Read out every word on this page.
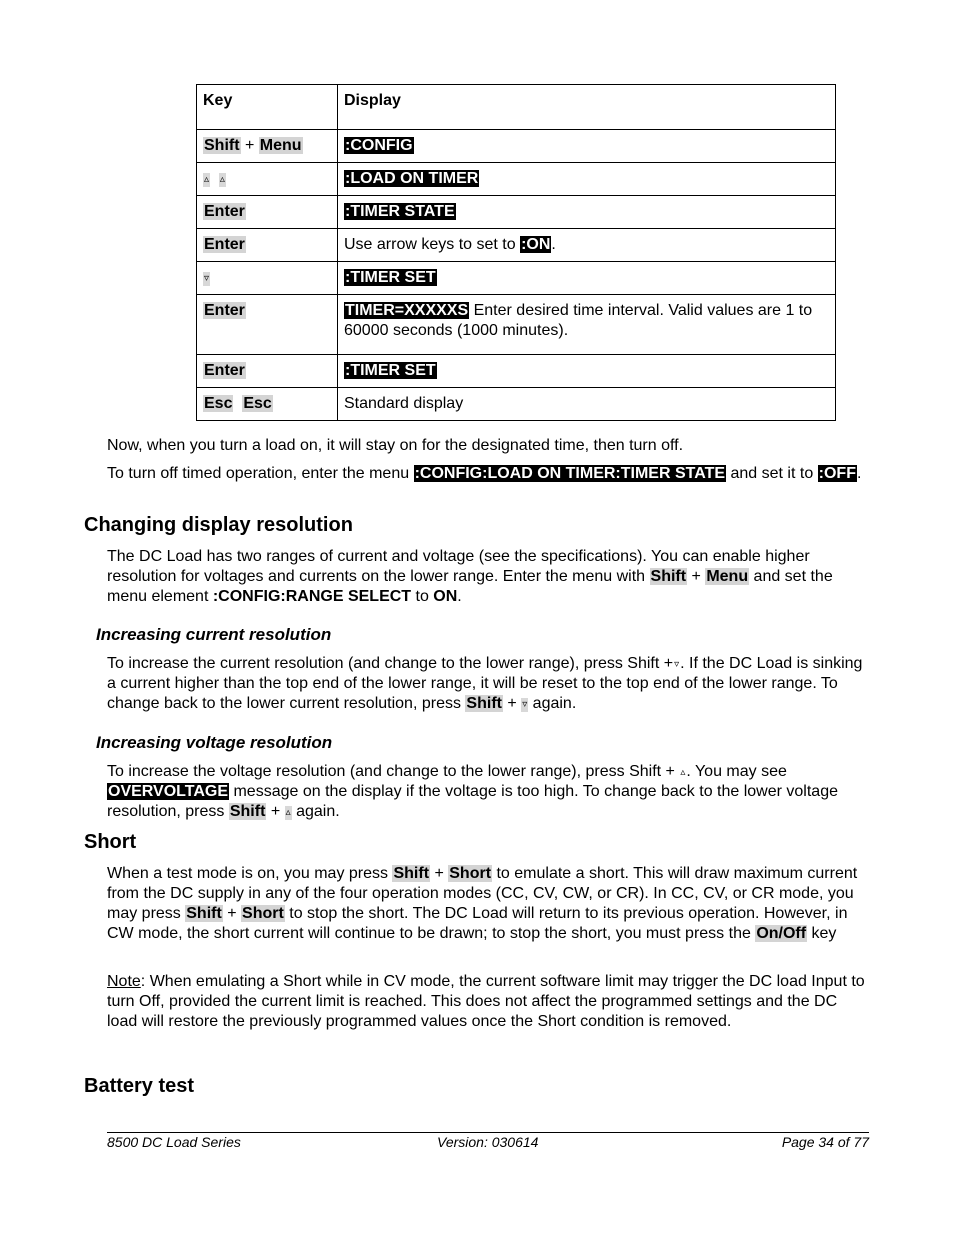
Key	Display
Shift + Menu	:CONFIG
▵ ▵	:LOAD ON TIMER
Enter	:TIMER STATE
Enter	Use arrow keys to set to :ON.
▿	:TIMER SET
Enter	TIMER=XXXXXS Enter desired time interval. Valid values are 1 to 60000 seconds (1000 minutes).
Enter	:TIMER SET
Esc Esc	Standard display

Now, when you turn a load on, it will stay on for the designated time, then turn off.

To turn off timed operation, enter the menu :CONFIG:LOAD ON TIMER:TIMER STATE and set it to :OFF.

Changing display resolution

The DC Load has two ranges of current and voltage (see the specifications). You can enable higher resolution for voltages and currents on the lower range. Enter the menu with Shift + Menu and set the menu element :CONFIG:RANGE SELECT to ON.

Increasing current resolution

To increase the current resolution (and change to the lower range), press Shift +▿. If the DC Load is sinking a current higher than the top end of the lower range, it will be reset to the top end of the lower range. To change back to the lower current resolution, press Shift + ▿ again.

Increasing voltage resolution

To increase the voltage resolution (and change to the lower range), press Shift + ▵. You may see OVERVOLTAGE message on the display if the voltage is too high. To change back to the lower voltage resolution, press Shift + ▵ again.

Short

When a test mode is on, you may press Shift + Short to emulate a short. This will draw maximum current from the DC supply in any of the four operation modes (CC, CV, CW, or CR). In CC, CV, or CR mode, you may press Shift + Short to stop the short. The DC Load will return to its previous operation. However, in CW mode, the short current will continue to be drawn; to stop the short, you must press the On/Off key

Note: When emulating a Short while in CV mode, the current software limit may trigger the DC load Input to turn Off, provided the current limit is reached. This does not affect the programmed settings and the DC load will restore the previously programmed values once the Short condition is removed.

Battery test
8500 DC Load Series	Version: 030614	Page 34 of 77
